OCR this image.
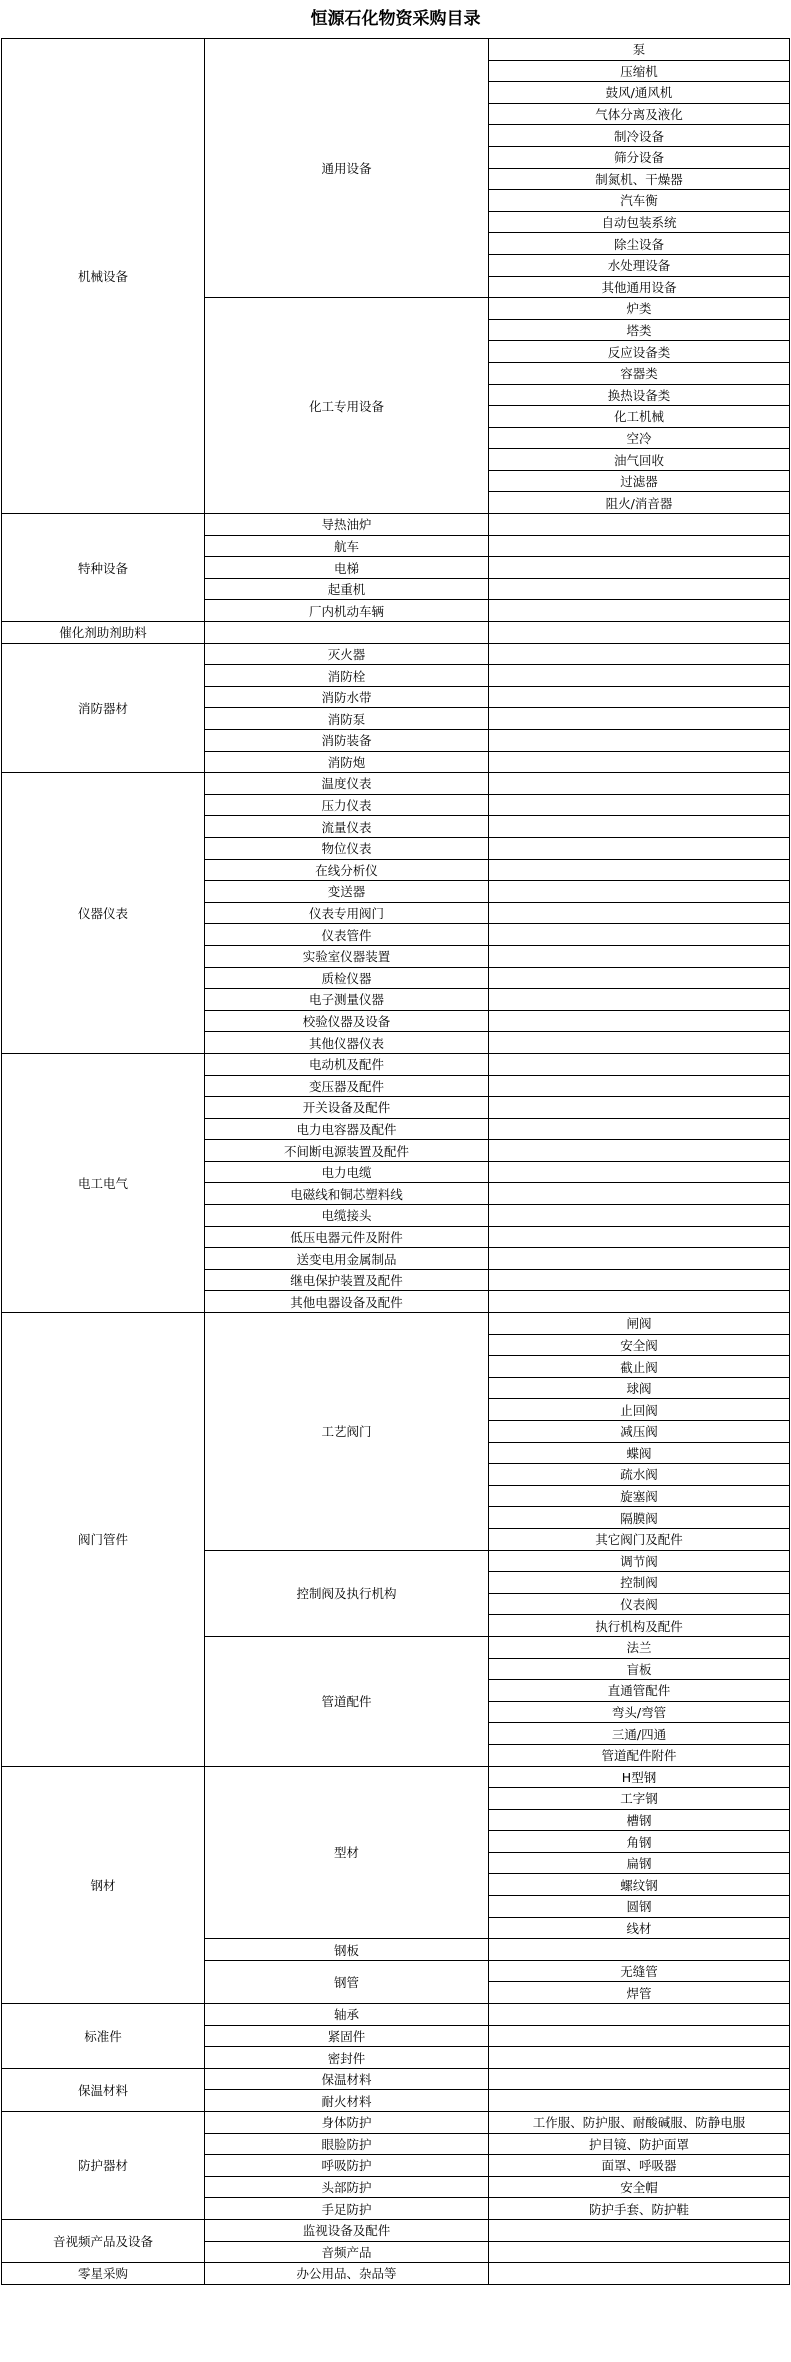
恒源石化物资采购目录
机械设备	通用设备	泵
		压缩机
		鼓风/通风机
		气体分离及液化
		制冷设备
		筛分设备
		制氮机、干燥器
		汽车衡
		自动包装系统
		除尘设备
		水处理设备
		其他通用设备
	化工专用设备	炉类
		塔类
		反应设备类
		容器类
		换热设备类
		化工机械
		空冷
		油气回收
		过滤器
		阻火/消音器
特种设备	导热油炉	
	航车	
	电梯	
	起重机	
	厂内机动车辆	
催化剂助剂助料		
消防器材	灭火器	
	消防栓	
	消防水带	
	消防泵	
	消防装备	
	消防炮	
仪器仪表	温度仪表	
	压力仪表	
	流量仪表	
	物位仪表	
	在线分析仪	
	变送器	
	仪表专用阀门	
	仪表管件	
	实验室仪器装置	
	质检仪器	
	电子测量仪器	
	校验仪器及设备	
	其他仪器仪表	
电工电气	电动机及配件	
	变压器及配件	
	开关设备及配件	
	电力电容器及配件	
	不间断电源装置及配件	
	电力电缆	
	电磁线和铜芯塑料线	
	电缆接头	
	低压电器元件及附件	
	送变电用金属制品	
	继电保护装置及配件	
	其他电器设备及配件	
阀门管件	工艺阀门	闸阀
		安全阀
		截止阀
		球阀
		止回阀
		减压阀
		蝶阀
		疏水阀
		旋塞阀
		隔膜阀
		其它阀门及配件
	控制阀及执行机构	调节阀
		控制阀
		仪表阀
		执行机构及配件
	管道配件	法兰
		盲板
		直通管配件
		弯头/弯管
		三通/四通
		管道配件附件
钢材	型材	H型钢
		工字钢
		槽钢
		角钢
		扁钢
		螺纹钢
		圆钢
		线材
	钢板	
	钢管	无缝管
		焊管
标准件	轴承	
	紧固件	
	密封件	
保温材料	保温材料	
	耐火材料	
防护器材	身体防护	工作服、防护服、耐酸碱服、防静电服
	眼脸防护	护目镜、防护面罩
	呼吸防护	面罩、呼吸器
	头部防护	安全帽
	手足防护	防护手套、防护鞋
音视频产品及设备	监视设备及配件	
	音频产品	
零星采购	办公用品、杂品等	
